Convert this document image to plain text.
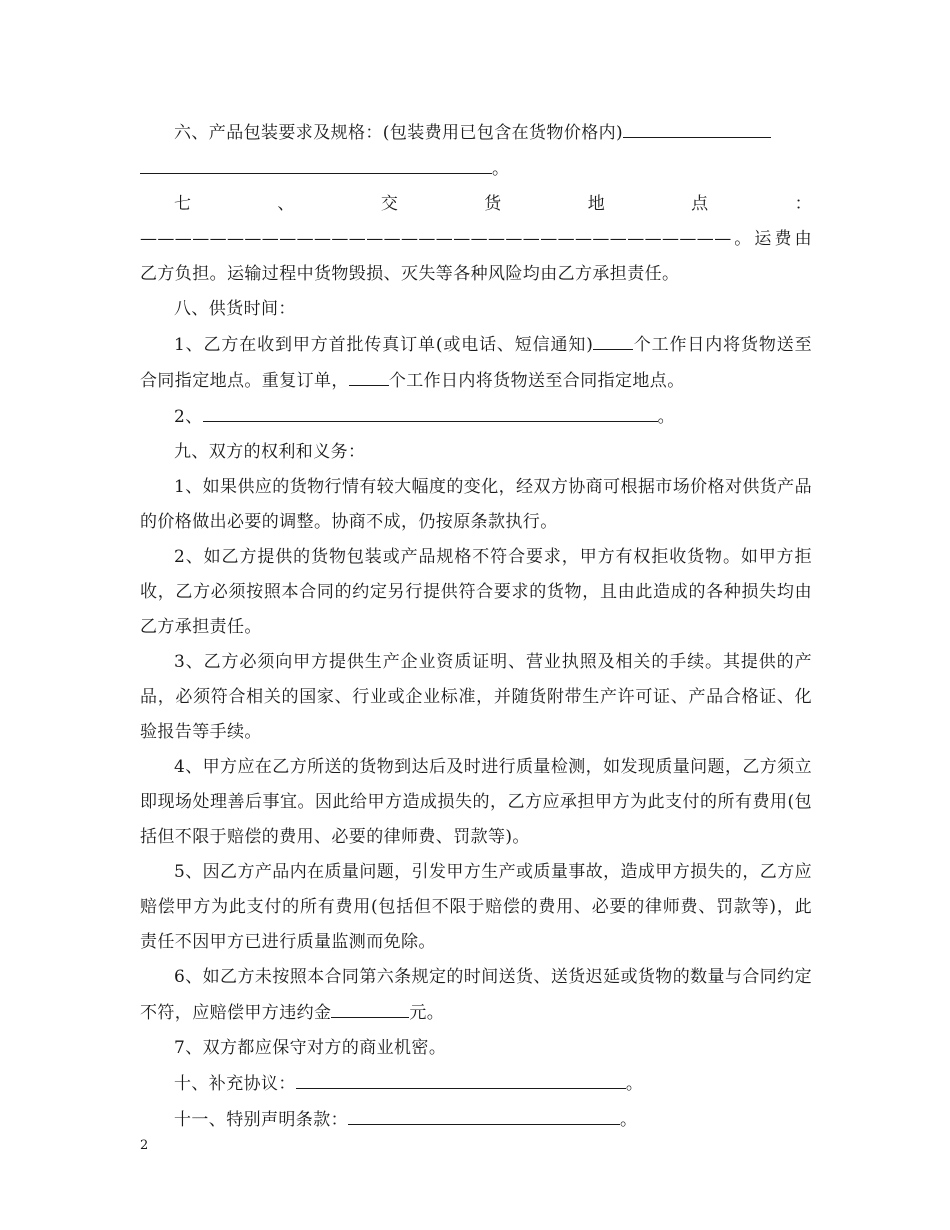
六、产品包装要求及规格：(包装费用已包含在货物价格内)
。

七、交货地点：——————————————————————————————————。运费由乙方负担。运输过程中货物毁损、灭失等各种风险均由乙方承担责任。

八、供货时间：

1、乙方在收到甲方首批传真订单(或电话、短信通知) 个工作日内将货物送至合同指定地点。重复订单， 个工作日内将货物送至合同指定地点。

2、	。

九、双方的权利和义务：

1、如果供应的货物行情有较大幅度的变化，经双方协商可根据市场价格对供货产品的价格做出必要的调整。协商不成，仍按原条款执行。

2、如乙方提供的货物包装或产品规格不符合要求，甲方有权拒收货物。如甲方拒收，乙方必须按照本合同的约定另行提供符合要求的货物，且由此造成的各种损失均由乙方承担责任。

3、乙方必须向甲方提供生产企业资质证明、营业执照及相关的手续。其提供的产品，必须符合相关的国家、行业或企业标准，并随货附带生产许可证、产品合格证、化验报告等手续。

4、甲方应在乙方所送的货物到达后及时进行质量检测，如发现质量问题，乙方须立即现场处理善后事宜。因此给甲方造成损失的，乙方应承担甲方为此支付的所有费用(包括但不限于赔偿的费用、必要的律师费、罚款等)。

5、因乙方产品内在质量问题，引发甲方生产或质量事故，造成甲方损失的，乙方应赔偿甲方为此支付的所有费用(包括但不限于赔偿的费用、必要的律师费、罚款等)，此责任不因甲方已进行质量监测而免除。

6、如乙方未按照本合同第六条规定的时间送货、送货迟延或货物的数量与合同约定不符，应赔偿甲方违约金	元。

7、双方都应保守对方的商业机密。

十、补充协议：	。

十一、特别声明条款：	。

2
